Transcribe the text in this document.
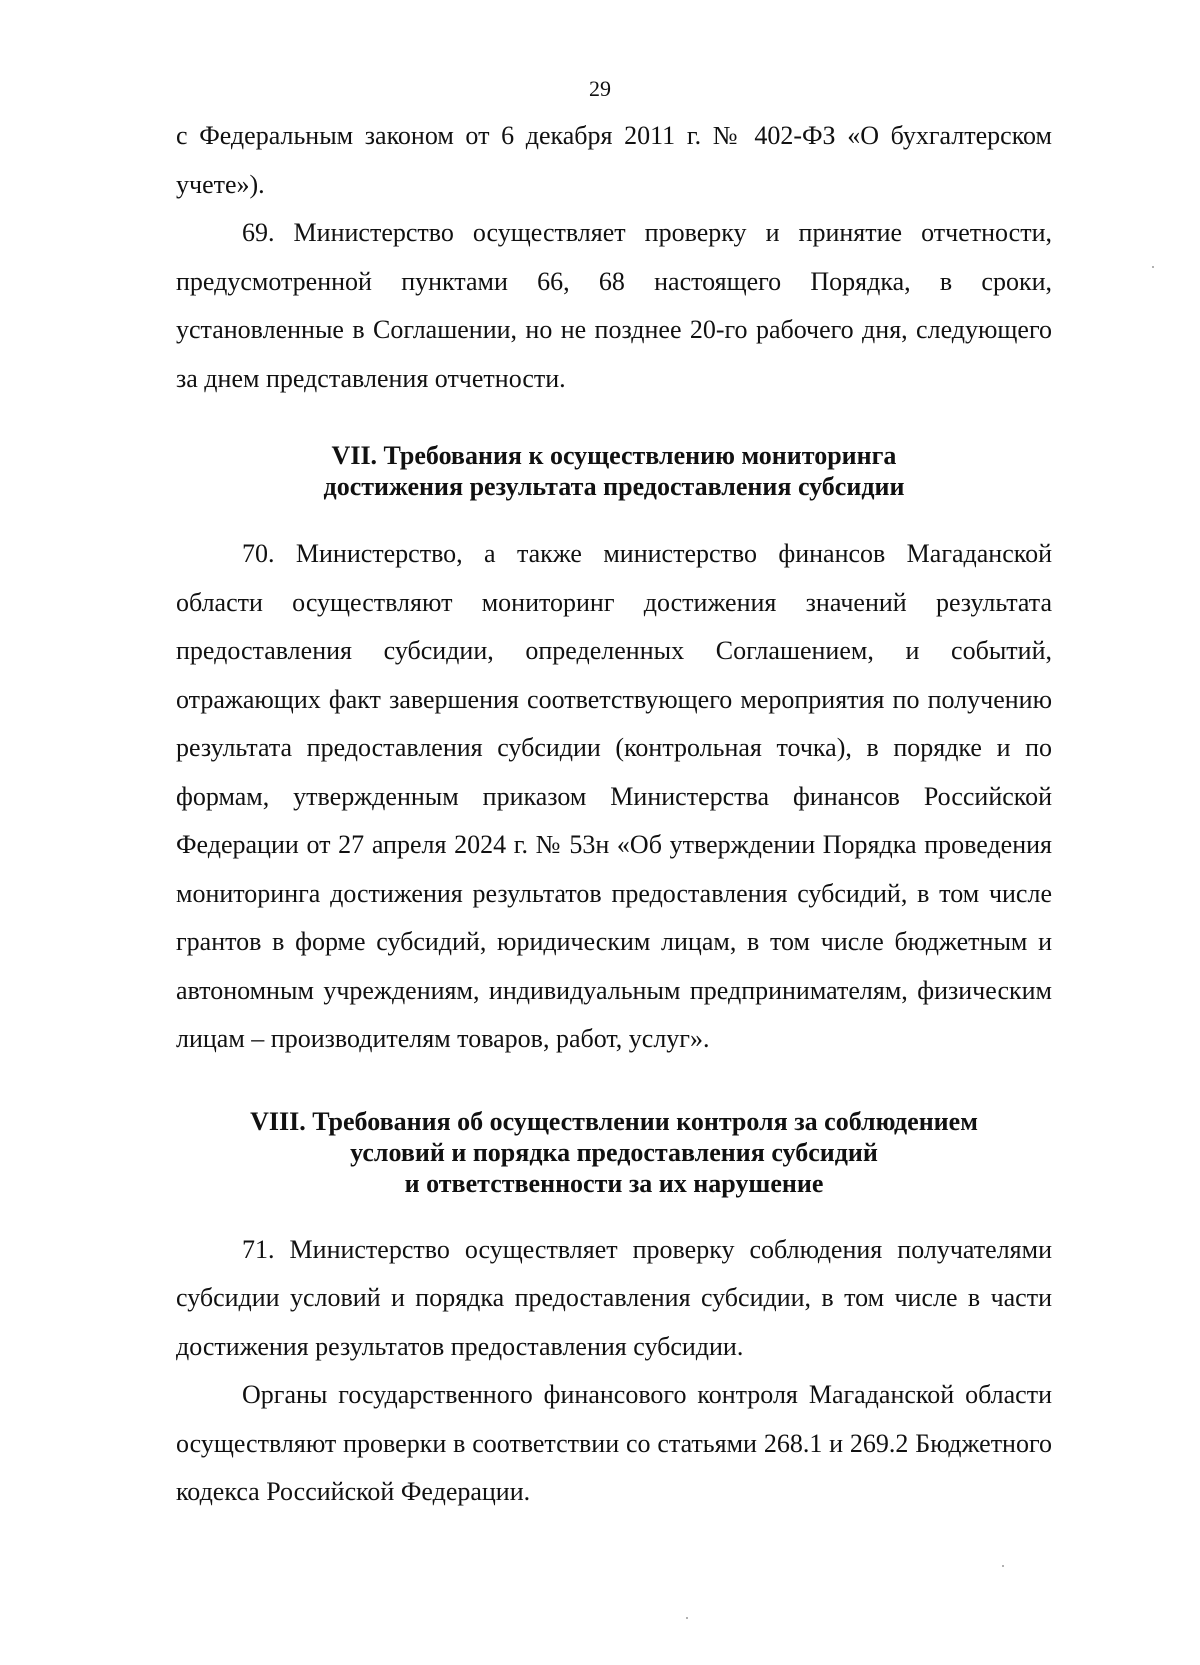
29

с Федеральным законом от 6 декабря 2011 г. № 402-ФЗ «О бухгалтерском учете»).

69. Министерство осуществляет проверку и принятие отчетности, предусмотренной пунктами 66, 68 настоящего Порядка, в сроки, установленные в Соглашении, но не позднее 20-го рабочего дня, следующего за днем представления отчетности.

VII. Требования к осуществлению мониторинга
достижения результата предоставления субсидии

70. Министерство, а также министерство финансов Магаданской области осуществляют мониторинг достижения значений результата предоставления субсидии, определенных Соглашением, и событий, отражающих факт завершения соответствующего мероприятия по получению результата предоставления субсидии (контрольная точка), в порядке и по формам, утвержденным приказом Министерства финансов Российской Федерации от 27 апреля 2024 г. № 53н «Об утверждении Порядка проведения мониторинга достижения результатов предоставления субсидий, в том числе грантов в форме субсидий, юридическим лицам, в том числе бюджетным и автономным учреждениям, индивидуальным предпринимателям, физическим лицам – производителям товаров, работ, услуг».

VIII. Требования об осуществлении контроля за соблюдением
условий и порядка предоставления субсидий
и ответственности за их нарушение

71. Министерство осуществляет проверку соблюдения получателями субсидии условий и порядка предоставления субсидии, в том числе в части достижения результатов предоставления субсидии.

Органы государственного финансового контроля Магаданской области осуществляют проверки в соответствии со статьями 268.1 и 269.2 Бюджетного кодекса Российской Федерации.
